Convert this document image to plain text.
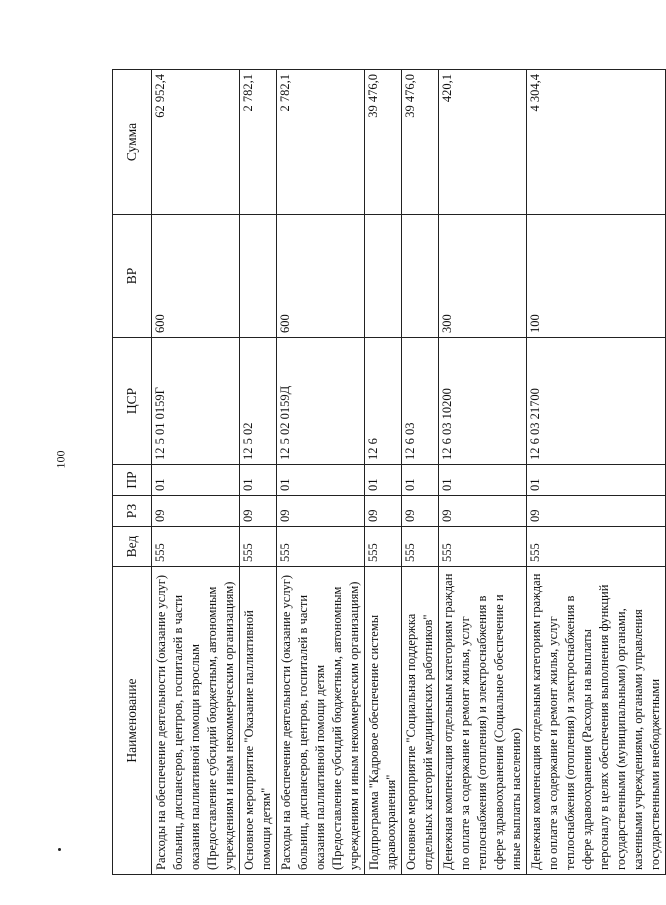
100
Наименование	Вед	РЗ	ПР	ЦСР	ВР	Сумма
Расходы на обеспечение деятельности (оказание услуг) больниц, диспансеров, центров, госпиталей в части оказания паллиативной помощи взрослым (Предоставление субсидий бюджетным, автономным учреждениям и иным некоммерческим организациям)	555	09	01	12 5 01 0159Г	600	62 952,4
Основное мероприятие "Оказание паллиативной помощи детям"	555	09	01	12 5 02		2 782,1
Расходы на обеспечение деятельности (оказание услуг) больниц, диспансеров, центров, госпиталей в части оказания паллиативной помощи детям (Предоставление субсидий бюджетным, автономным учреждениям и иным некоммерческим организациям)	555	09	01	12 5 02 0159Д	600	2 782,1
Подпрограмма "Кадровое обеспечение системы здравоохранения"	555	09	01	12 6		39 476,0
Основное мероприятие "Социальная поддержка отдельных категорий медицинских работников"	555	09	01	12 6 03		39 476,0
Денежная компенсация отдельным категориям граждан по оплате за содержание и ремонт жилья, услуг теплоснабжения (отопления) и электроснабжения в сфере здравоохранения (Социальное обеспечение и иные выплаты населению)	555	09	01	12 6 03 10200	300	420,1
Денежная компенсация отдельным категориям граждан по оплате за содержание и ремонт жилья, услуг теплоснабжения (отопления) и электроснабжения в сфере здравоохранения (Расходы на выплаты персоналу в целях обеспечения выполнения функций государственными (муниципальными) органами, казенными учреждениями, органами управления государственными внебюджетными	555	09	01	12 6 03 21700	100	4 304,4
